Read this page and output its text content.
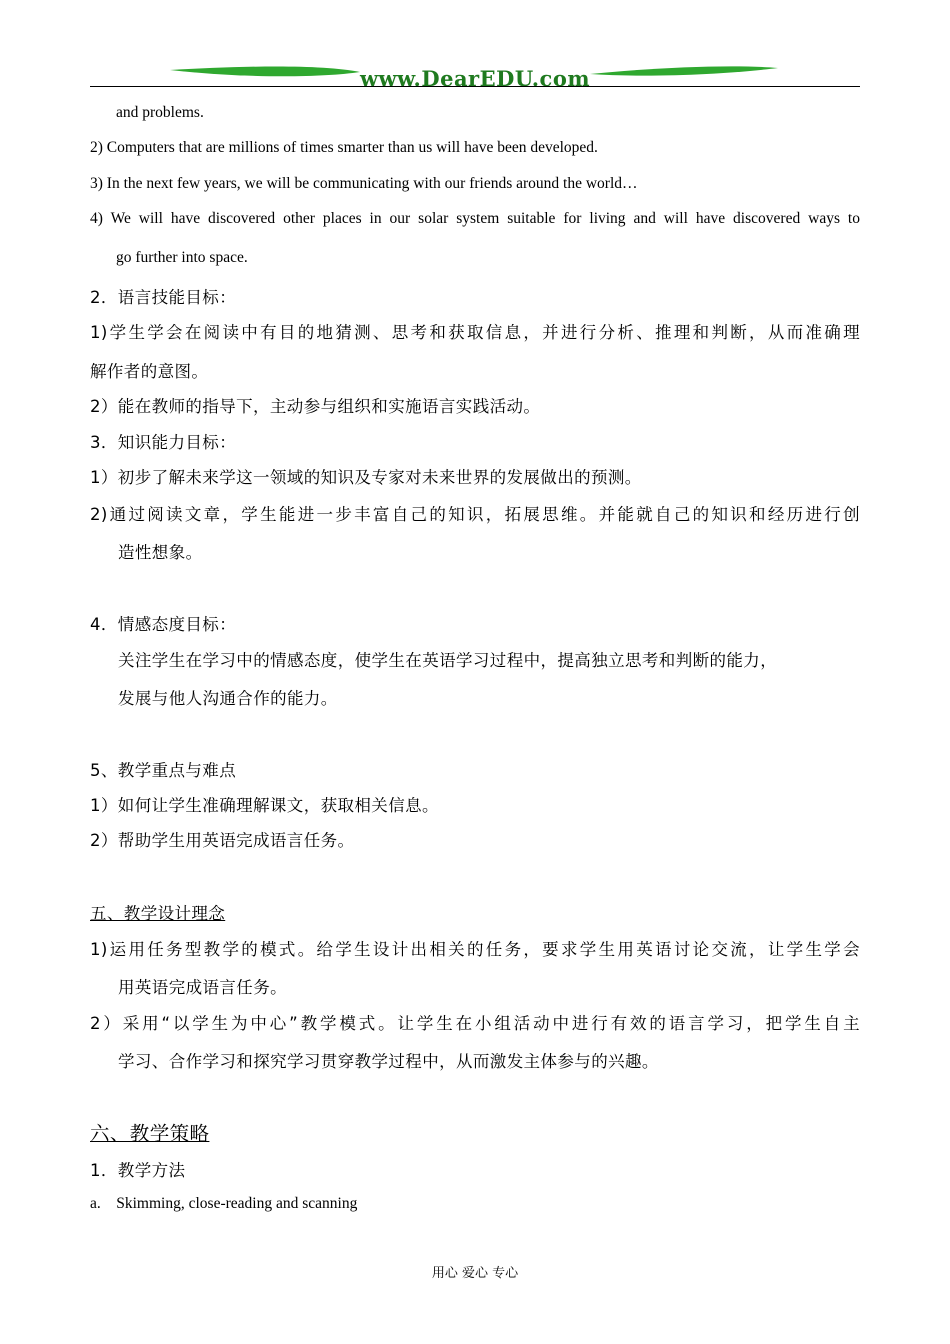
www.DearEDU.com
and problems.
2) Computers that are millions of times smarter than us will have been developed.
3) In the next few years, we will be communicating with our friends around the world…
4) We will have discovered other places in our solar system suitable for living and will have discovered ways to
go further into space.
2．语言技能目标：
1)学生学会在阅读中有目的地猜测、思考和获取信息，并进行分析、推理和判断，从而准确理
解作者的意图。
2）能在教师的指导下，主动参与组织和实施语言实践活动。
3．知识能力目标：
1）初步了解未来学这一领域的知识及专家对未来世界的发展做出的预测。
2)通过阅读文章，学生能进一步丰富自己的知识，拓展思维。并能就自己的知识和经历进行创
造性想象。
4．情感态度目标：
关注学生在学习中的情感态度，使学生在英语学习过程中，提高独立思考和判断的能力，
发展与他人沟通合作的能力。
5、教学重点与难点
1）如何让学生准确理解课文，获取相关信息。
2）帮助学生用英语完成语言任务。
五、教学设计理念
1)运用任务型教学的模式。给学生设计出相关的任务，要求学生用英语讨论交流，让学生学会
用英语完成语言任务。
2）采用“以学生为中心”教学模式。让学生在小组活动中进行有效的语言学习，把学生自主
学习、合作学习和探究学习贯穿教学过程中，从而激发主体参与的兴趣。
六、教学策略
1．教学方法
a.    Skimming, close-reading and scanning
用心 爱心 专心
